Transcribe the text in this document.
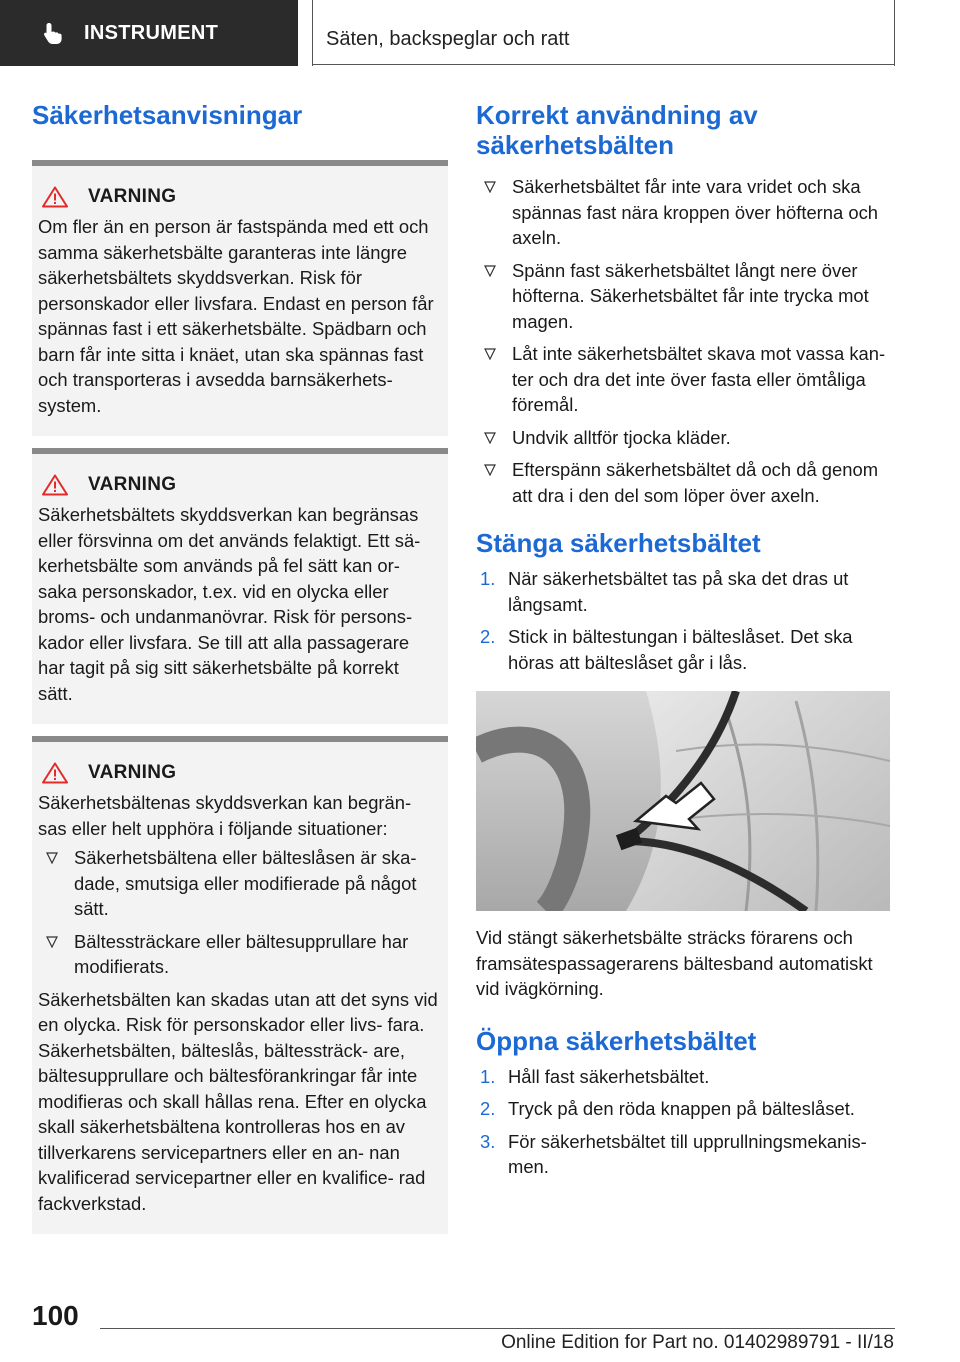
INSTRUMENT	Säten, backspeglar och ratt
Säkerhetsanvisningar
VARNING

Om fler än en person är fastspända med ett och samma säkerhetsbälte garanteras inte längre säkerhetsbältets skyddsverkan. Risk för personskador eller livsfara. Endast en person får spännas fast i ett säkerhetsbälte. Spädbarn och barn får inte sitta i knäet, utan ska spännas fast och transporteras i avsedda barnsäkerhets- system.

VARNING

Säkerhetsbältets skyddsverkan kan begränsas eller försvinna om det används felaktigt. Ett sä- kerhetsbälte som används på fel sätt kan or- saka personskador, t.ex. vid en olycka eller broms- och undanmanövrar. Risk för persons- kador eller livsfara. Se till att alla passagerare har tagit på sig sitt säkerhetsbälte på korrekt sätt.

VARNING

Säkerhetsbältenas skyddsverkan kan begrän- sas eller helt upphöra i följande situationer:

Säkerhetsbältena eller bälteslåsen är ska- dade, smutsiga eller modifierade på något sätt.
Bältessträckare eller bältesupprullare har modifierats.

Säkerhetsbälten kan skadas utan att det syns vid en olycka. Risk för personskador eller livs- fara. Säkerhetsbälten, bälteslås, bältessträck- are, bältesupprullare och bältesförankringar får inte modifieras och skall hållas rena. Efter en olycka skall säkerhetsbältena kontrolleras hos en av tillverkarens servicepartners eller en an- nan kvalificerad servicepartner eller en kvalifice- rad fackverkstad.

Korrekt användning av säkerhetsbälten
Säkerhetsbältet får inte vara vridet och ska spännas fast nära kroppen över höfterna och axeln.
Spänn fast säkerhetsbältet långt nere över höfterna. Säkerhetsbältet får inte trycka mot magen.
Låt inte säkerhetsbältet skava mot vassa kan- ter och dra det inte över fasta eller ömtåliga föremål.
Undvik alltför tjocka kläder.
Efterspänn säkerhetsbältet då och då genom att dra i den del som löper över axeln.
Stänga säkerhetsbältet
1. När säkerhetsbältet tas på ska det dras ut långsamt.
2. Stick in bältestungan i bälteslåset. Det ska höras att bälteslåset går i lås.

Vid stängt säkerhetsbälte sträcks förarens och framsätespassagerarens bältesband automatiskt vid ivägkörning.

Öppna säkerhetsbältet
1. Håll fast säkerhetsbältet.
2. Tryck på den röda knappen på bälteslåset.
3. För säkerhetsbältet till upprullningsmekanis- men.
100
Online Edition for Part no. 01402989791 - II/18
